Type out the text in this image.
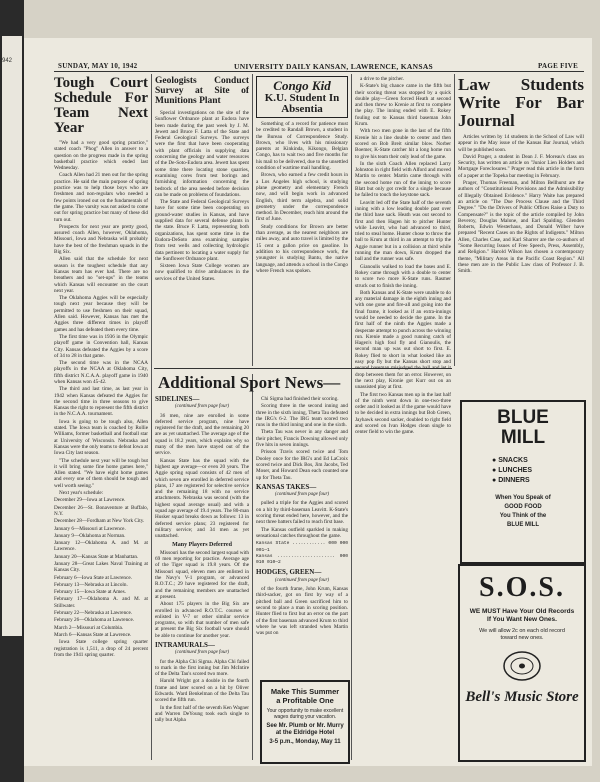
942
SUNDAY, MAY 10, 1942	UNIVERSITY DAILY KANSAN, LAWRENCE, KANSAS	PAGE FIVE
Tough Court Schedule For Team Next Year

"We had a very good spring practice," stated coach "Phog" Allen in answer to a question on the progress made in the spring basketball practice which ended last Wednesday.

Coach Allen had 21 men out for the spring practice. He said the main purpose of spring practice was to help those boys who are freshmen and non-regulars who needed a few points ironed out on the fundamentals of the game. The varsity was not asked to come out for spring practice but many of these did turn out.

Prospects for next year are pretty good, assured coach Allen, however, Oklahoma, Missouri, Iowa and Nebraska will probably have the best of the freshman squads in the Big Six.

Allen said that the schedule for next season is the toughest schedule that any Kansas team has ever had. There are no breathers and no "set-ups" in the teams which Kansas will encounter on the court next year.

The Oklahoma Aggies will be especially tough next year because they will be permitted to use freshmen on their squad, Allen said. However, Kansas has met the Aggies three different times in playoff games and has defeated them every time.

The first time was in 1936 in the Olympic playoff game in Convention hall, Kansas City. Kansas defeated the Aggies by a score of 34 to 28 in that game.

The second time was in the NCAA playoffs in the NCAA at Oklahoma City, fifth district N.C.A.A. playoff game in 1940 when Kansas won 45-42.

The third and last time, as last year in 1942 when Kansas defeated the Aggies for the second time in three seasons to give Kansas the right to represent the fifth district in the N.C.A.A. tournament.

Iowa is going to be tough also, Allen stated. The Iowa team is coached by Rollie Williams, former basketball and football star at University of Wisconsin. Nebraska and Kansas were the only teams to defeat Iowa at Iowa City last season.

"The schedule next year will be tough but it will bring some fine home games here," Allen stated. "We have eight home games and every one of them should be tough and well worth seeing."

Next year's schedule:

December 29—Iowa at Lawrence.

December 26—St. Bonaventure at Buffalo, N.Y.

December 28—Fordham at New York City.

January 6—Missouri at Lawrence.

January 9—Oklahoma at Norman.

January 12—Oklahoma A. and M. at Lawrence.

January 20—Kansas State at Manhattan.

January 28—Great Lakes Naval Training at Kansas City.

February 6—Iowa State at Lawrence.

February 13—Nebraska at Lincoln.

February 15—Iowa State at Ames.

February 17—Oklahoma A. and M. at Stillwater.

February 22—Nebraska at Lawrence.

February 26—Oklahoma at Lawrence.

March 2—Missouri at Columbia.

March 6—Kansas State at Lawrence.

Iowa State college spring quarter registration is 1,511, a drop of 24 percent from the 1941 spring quarter.

Geologists Conduct Survey at Site of Munitions Plant

Special investigations on the site of the Sunflower Ordnance plant at Eudora have been made during the past week by J. M. Jewett and Bruce F. Latta of the State and Federal Geological Surveys. The surveys were the first that have been cooperating with plant officials in supplying data concerning the geology and water resources of the De-Soto-Eudora area. Jewett has spent some time there locating stone quarries, examining cores from test borings and furnishing information concerning the bedrock of the area needed before decision can be made on problems of foundations.

The State and Federal Geological Surveys have for some time been cooperating on ground-water studies in Kansas, and have supplied data for several defense plants in the state. Bruce F. Latta, representing both organizations, has spent some time in the Eudora-DeSoto area examining samples from test wells and collecting hydrologic data pertinent to locating a water supply for the Sunflower Ordnance plant.

Sixteen Iowa State College women are now qualified to drive ambulances in the services of the United States.

Congo Kid
K.U. Student In Absentia

Something of a record for patience must be credited to Randall Brown, a student in the Bureau of Correspondence Study. Brown, who lives with his missionary parents at Kinkinda, Kikongo, Belgian Congo, has to wait two and five months for his mail to be delivered, due to the unsettled condition of wartime mail handling.

Brown, who earned a few credit hours in a Los Angeles high school, is studying plane geometry and elementary French now, and will begin work in advanced English, third term algebra, and solid geometry under the correspondence method. In December, reach him around the first of June.

Study conditions for Brown are better than average, as the nearest neighbors are miles away, and auto travel is limited by the 15 cent a gallon price on gasoline. In addition to his correspondence work, the youngster is studying Bantu, the native language, and attends a school in the Congo where French was spoken.

a drive to the pitcher.

K-State's big chance came in the fifth but their scoring threat was stopped by a quick double play—Green forced Heath at second and then threw to Krenie at first to complete the play. The inning ended with E. Rokey fouling out to Kansas third baseman John Krum.

With two men gone in the last of the fifth Krenie hit a line double to center and then scored on Bob Breit similar blow. Norber Boemer, K-State catcher hit a long home run to give his team their only lead of the game.

In the sixth Coach Allen replaced Larry Johnston in right field with Alford and moved Martin to center. Martin came through with the second home run of the inning to score Blatt but only got credit for a single because he failed to touch the keystone sack.

Leavitt led off the State half of the seventh inning with a low leading double past over the third base sack. Heath was out second to first and then Hagen hit to pitcher Hunter while Leavitt, who had advanced to third, tried to steal home. Hunter chose to throw the ball to Krum at third in an attempt to trip the Aggie runner but in a collision at third while running the man down, Krum dropped the ball and the runner was safe.

Gianoulis walked to load the bases and E. Rokey came through with a double to center to score two more K-State runs. Rasmer struck out to finish the inning.

Both Kansas and K-State were unable to do any material damage in the eighth inning and with one gone and fire-all and going into the final frame, it looked as if an extra-innings would be needed to decide the game. In the first half of the ninth the Aggies made a desperate attempt to punch across the winning run. Krenie made a good running catch of Hagen's high foul fly and Gianoulis, the second man up was out short to first. E. Rokey flied to short in what looked like an easy pop fly but the Kansas short stop and drop between them for an error. However, on the next play, Kronie got Kurr out on an unassisted play at first.

The first two Kansas men up in the last half of the ninth went down in one-two-three order and it looked as if the game would have to be decided in extra innings but Bob Green, Jayhawk second sacker, doubled to right field and scored on Ivan Hodges clean single to center field to win the game.

Law Students Write For Bar Journal

Articles written by 14 students in the School of Law will appear in the May issue of the Kansas Bar Journal, which will be published soon.

David Prager, a student in Dean J. F. Moreau's class on Security, has written an article on "Junior Lien Holders and Mortgage Foreclosures." Prager read this article in the form of a paper at the Topeka bar meeting in February.

Prager, Thomas Freeman, and Milton Bellhurst are the authors of "Constitutional Provisions and the Admissibility of Illegally Obtained Evidence." Harry Waite has prepared an article on "The Due Process Clause and the Third Degree." "Do the Drivers of Public Offices Raise a Duty to Compensate?" is the topic of the article compiled by John Beveroy, Douglas Malone, and Earl Spalding. Glenden Roberts, Edwin Westerhaus, and Donald Wilber have prepared "Recent Cases on the Rights of Indigents." Milton Allen, Charles Case, and Karl Sharrer are the co-authors of "Some Recurring Issues of Free Speech, Press, Assembly, and Religion." Harold Wilson has chosen a contemporary theme, "Military Areas in the Pacific Coast Region." All these men are in the Public Law class of Professor J. B. Smith.

BLUE
MILL
● SNACKS
● LUNCHES
● DINNERS
When You Speak of
GOOD FOOD
You Think of the
BLUE MILL
Additional Sport News—
SIDELINES—
(continued from page four)

36 men, nine are enrolled in some deferred service program, nine have registered for the draft, and the remaining 20 are as yet unattached. The average age of the squad is 18.2 years, which explains why so many of the men have stayed out of the service.

Kansas State has the squad with the highest age average—or even 20 years. The Aggie spring squad consists of 42 men of which seven are enrolled in deferred service plans, 17 are registered for selective service and the remaining 18 with no service attachments. Nebraska was second (with the highest squad average usual) and with a squad age average of 19.4 years. The 80-man Husker squad breaks down as follows: 13 in deferred service plans; 23 registered for military service; and 34 men as yet unattached.

Many Players Deferred

Missouri has the second largest squad with 69 men reporting for practice. Average age of the Tiger squad is 19.8 years. Of the Missouri squad, eleven men are enlisted in the Navy's V-1 program, or advanced R.O.T.C.; 29 have registered for the draft, and the remaining members are unattached at present.

About 175 players in the Big Six are enrolled in advanced R.O.T.C. courses or enlisted in V-7 or other similar service programs, so with that number of men safe at present the Big Six football ware should be able to continue for another year.

INTRAMURALS—
(continued from page four)

for the Alpha Chi Sigma. Alpha Chi failed to mark in the first inning but Jim McIntire of the Delta Tau's scored two more.

Harold Wright got a double in the fourth frame and later scored on a hit by Oliver Edwards. Ward Benkelman of the Delta Tau scored the fifth run.

In the first half of the seventh Ken Wagner and Warren DeYoung took each single to tally but Alpha

Chi Sigma had finished their scoring.

Scoring three in the second inning and three in the sixth inning, Theta Tau defeated the IRG's 6-2. The IRG team scored two runs in the third inning and one in the sixth.

Theta Tau was never in any danger and their pitcher, Francis Downing allowed only five hits in seven innings.

Prisson Travis scored twice and Tom Dooley once for the IRG's and Ed LaCroix scored twice and Dick Bos, Jim Jacobs, Ted Moser, and Howard Dean each counted one up for Theta Tau.

KANSAS TAKES—
(continued from page four)

pulled a triple for the Aggies and scored on a hit by third-baseman Leavitt. K-State's scoring threat ended here, however, and the next three batters failed to reach first base.

The Kansas outfield sparkled in making sensational catches throughout the game.

Kansas State ............ 000 000 001—1
Kansas ..................... 000 010 010—2
HODGES, GREEN—
(continued from page four)

of the fourth frame, John Krum, Kansas third-sacker, got on first by way of a pitched ball and Green sacrificed him to second to place a man in scoring position. Hunter flied to first but an error on the part of the first baseman advanced Krum to third where he was left stranded when Martin was put on

Make This Summer
a Profitable One
Your opportunity to make excellent wages during your vacation.
See Mr. Plumb or Mr. Murry at the Eldridge Hotel
3-5 p.m., Monday, May 11
S.O.S.
WE MUST Have Your Old Records If You Want New Ones.
We will allow 2c on each old record toward new ones.
Bell's Music Store
